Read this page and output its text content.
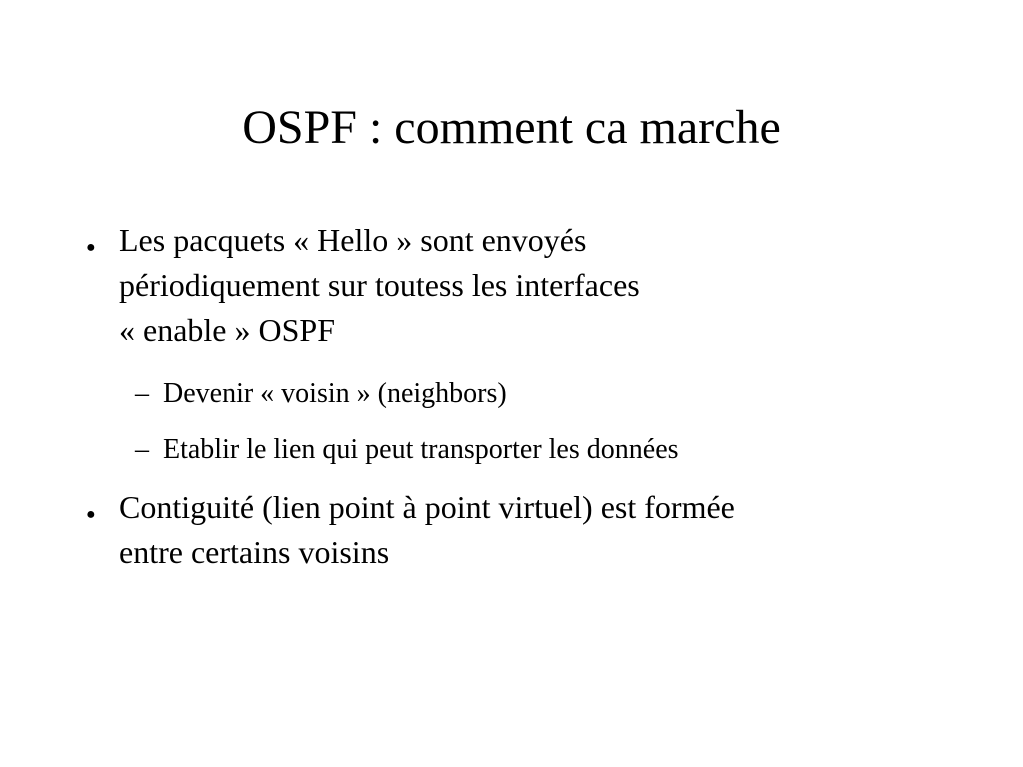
OSPF : comment ca marche
● Les pacquets « Hello » sont envoyés
périodiquement sur toutess les interfaces
« enable » OSPF
– Devenir « voisin » (neighbors)
– Etablir le lien qui peut transporter les données
● Contiguité (lien point à point virtuel) est formée
entre certains voisins
